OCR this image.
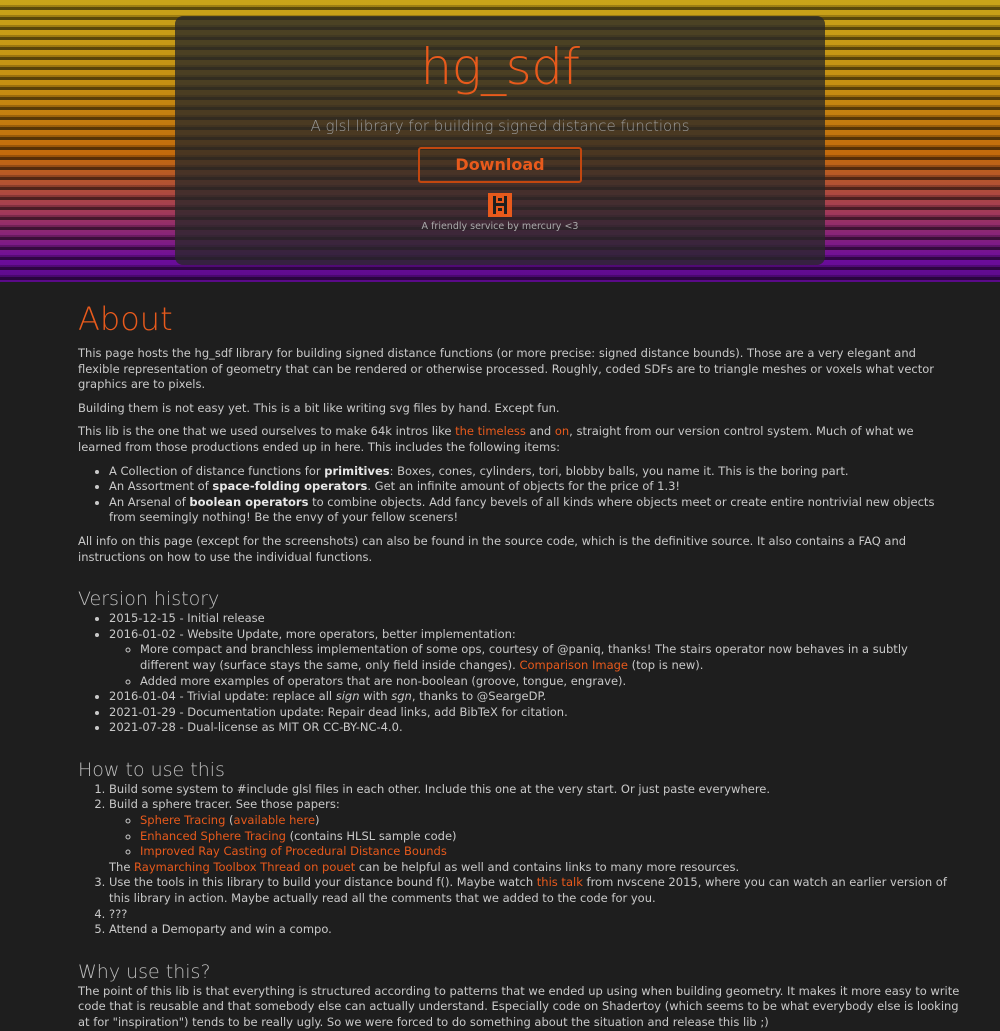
hg_sdf
A glsl library for building signed distance functions
Download
A friendly service by mercury <3
About

This page hosts the hg_sdf library for building signed distance functions (or more precise: signed distance bounds). Those are a very elegant and flexible representation of geometry that can be rendered or otherwise processed. Roughly, coded SDFs are to triangle meshes or voxels what vector graphics are to pixels.

Building them is not easy yet. This is a bit like writing svg files by hand. Except fun.

This lib is the one that we used ourselves to make 64k intros like the timeless and on, straight from our version control system. Much of what we learned from those productions ended up in here. This includes the following items:

• A Collection of distance functions for primitives: Boxes, cones, cylinders, tori, blobby balls, you name it. This is the boring part.
• An Assortment of space-folding operators. Get an infinite amount of objects for the price of 1.3!
• An Arsenal of boolean operators to combine objects. Add fancy bevels of all kinds where objects meet or create entire nontrivial new objects from seemingly nothing! Be the envy of your fellow sceners!

All info on this page (except for the screenshots) can also be found in the source code, which is the definitive source. It also contains a FAQ and instructions on how to use the individual functions.

Version history
• 2015-12-15 - Initial release
• 2016-01-02 - Website Update, more operators, better implementation:
◦ More compact and branchless implementation of some ops, courtesy of @paniq, thanks! The stairs operator now behaves in a subtly different way (surface stays the same, only field inside changes). Comparison Image (top is new).
◦ Added more examples of operators that are non-boolean (groove, tongue, engrave).
• 2016-01-04 - Trivial update: replace all sign with sgn, thanks to @SeargeDP.
• 2021-01-29 - Documentation update: Repair dead links, add BibTeX for citation.
• 2021-07-28 - Dual-license as MIT OR CC-BY-NC-4.0.
How to use this
1. Build some system to #include glsl files in each other. Include this one at the very start. Or just paste everywhere.
2. Build a sphere tracer. See those papers:
◦ Sphere Tracing (available here)
◦ Enhanced Sphere Tracing (contains HLSL sample code)
◦ Improved Ray Casting of Procedural Distance Bounds
The Raymarching Toolbox Thread on pouet can be helpful as well and contains links to many more resources.
3. Use the tools in this library to build your distance bound f(). Maybe watch this talk from nvscene 2015, where you can watch an earlier version of this library in action. Maybe actually read all the comments that we added to the code for you.
4. ???
5. Attend a Demoparty and win a compo.
Why use this?

The point of this lib is that everything is structured according to patterns that we ended up using when building geometry. It makes it more easy to write code that is reusable and that somebody else can actually understand. Especially code on Shadertoy (which seems to be what everybody else is looking at for "inspiration") tends to be really ugly. So we were forced to do something about the situation and release this lib ;)
